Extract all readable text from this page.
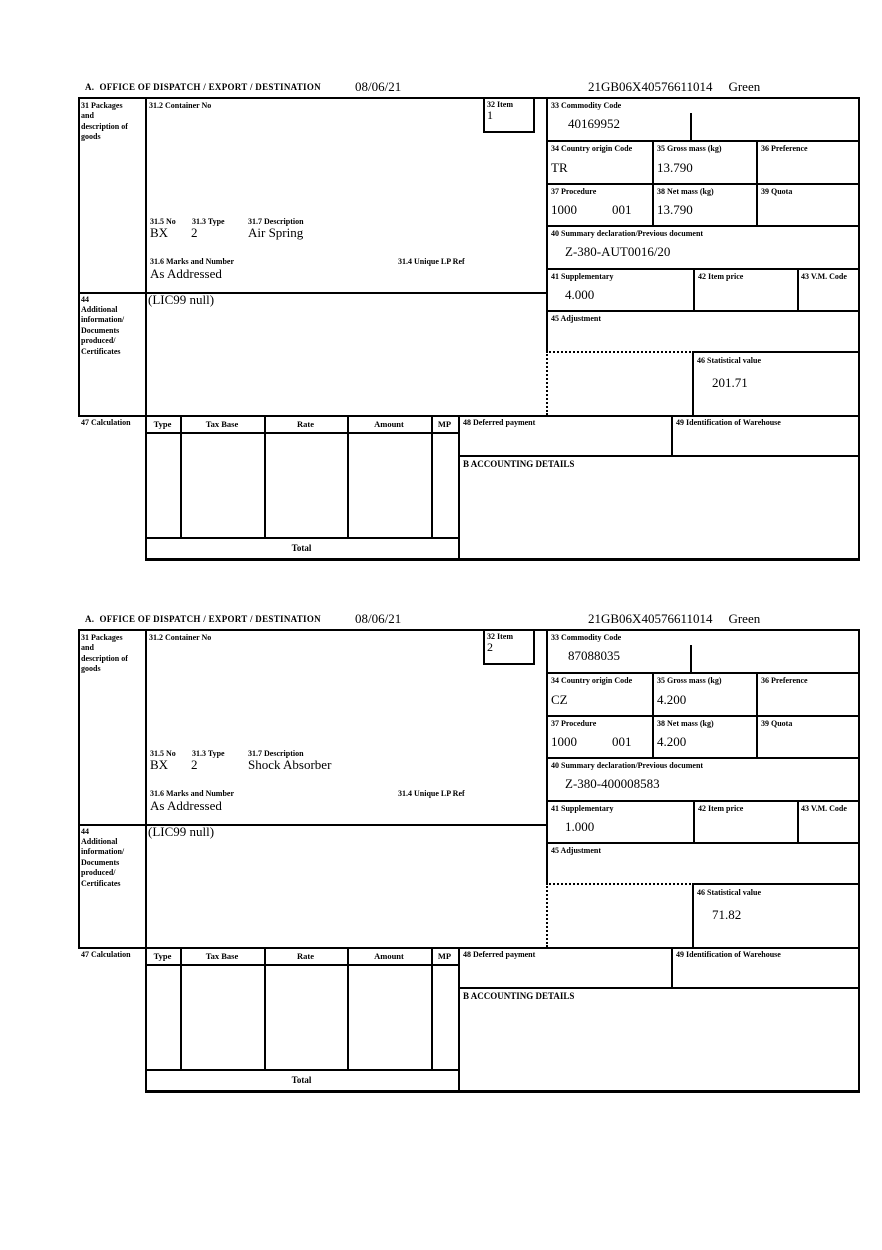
A.  OFFICE OF DISPATCH / EXPORT / DESTINATION	08/06/21	21GB06X40576611014 Green
31 Packages and description of goods
31.2 Container No
31.5 No 31.3 Type	31.7 Description
BX 2	Air Spring
31.6 Marks and Number	31.4 Unique LP Ref
As Addressed
32 Item
1
33 Commodity Code
40169952
34 Country origin Code
TR
35 Gross mass (kg)
13.790
36 Preference
37 Procedure
1000	001
38 Net mass (kg)
13.790
39 Quota
40 Summary declaration/Previous document
Z-380-AUT0016/20
41 Supplementary
4.000
42 Item price	43 V.M. Code
44
Additional information/ Documents produced/ Certificates
(LIC99 null)
45 Adjustment
46 Statistical value
201.71
47 Calculation	Type	Tax Base	Rate	Amount	MP
Total
48 Deferred payment	49 Identification of Warehouse
B ACCOUNTING DETAILS
A.  OFFICE OF DISPATCH / EXPORT / DESTINATION	08/06/21	21GB06X40576611014 Green
31 Packages and description of goods
31.2 Container No
31.5 No 31.3 Type	31.7 Description
BX 2	Shock Absorber
31.6 Marks and Number	31.4 Unique LP Ref
As Addressed
32 Item
2
33 Commodity Code
87088035
34 Country origin Code
CZ
35 Gross mass (kg)
4.200
36 Preference
37 Procedure
1000	001
38 Net mass (kg)
4.200
39 Quota
40 Summary declaration/Previous document
Z-380-400008583
41 Supplementary
1.000
42 Item price	43 V.M. Code
44
Additional information/ Documents produced/ Certificates
(LIC99 null)
45 Adjustment
46 Statistical value
71.82
47 Calculation	Type	Tax Base	Rate	Amount	MP
Total
48 Deferred payment	49 Identification of Warehouse
B ACCOUNTING DETAILS
